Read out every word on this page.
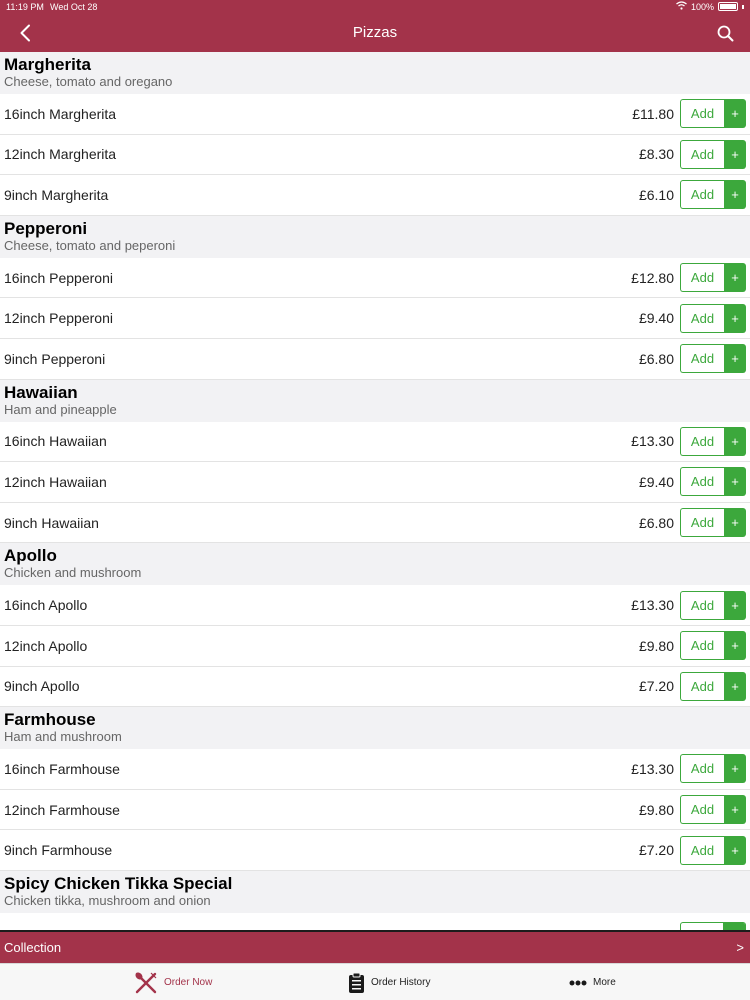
11:19 PM Wed Oct 28	100%
Pizzas
Margherita
Cheese, tomato and oregano
16inch Margherita	£11.80	Add	+
12inch Margherita	£8.30	Add	+
9inch Margherita	£6.10	Add	+
Pepperoni
Cheese, tomato and peperoni
16inch Pepperoni	£12.80	Add	+
12inch Pepperoni	£9.40	Add	+
9inch Pepperoni	£6.80	Add	+
Hawaiian
Ham and pineapple
16inch Hawaiian	£13.30	Add	+
12inch Hawaiian	£9.40	Add	+
9inch Hawaiian	£6.80	Add	+
Apollo
Chicken and mushroom
16inch Apollo	£13.30	Add	+
12inch Apollo	£9.80	Add	+
9inch Apollo	£7.20	Add	+
Farmhouse
Ham and mushroom
16inch Farmhouse	£13.30	Add	+
12inch Farmhouse	£9.80	Add	+
9inch Farmhouse	£7.20	Add	+
Spicy Chicken Tikka Special
Chicken tikka, mushroom and onion
Collection	>
Order Now	Order History	More
